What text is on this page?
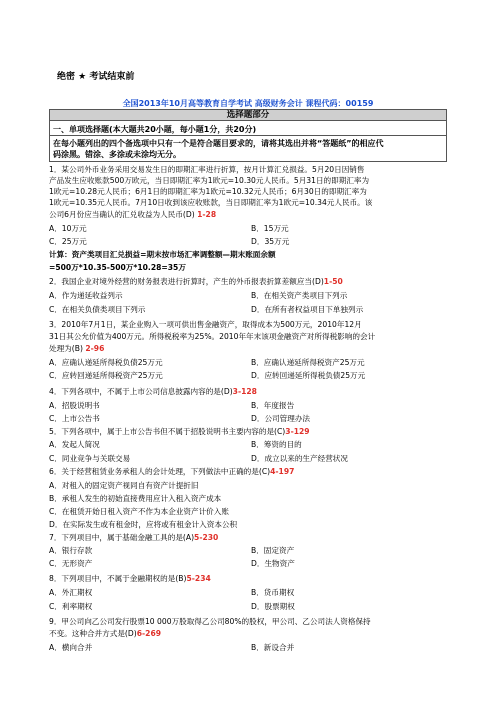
绝密 ★ 考试结束前
全国2013年10月高等教育自学考试 高级财务会计 课程代码：00159
选择题部分
一、单项选择题(本大题共20小题，每小题1分，共20分)
在每小题列出的四个备选项中只有一个是符合题目要求的，请将其选出并将“答题纸”的相应代
码涂黑。错涂、多涂或未涂均无分。
1．某公司外币业务采用交易发生日的即期汇率进行折算，按月计算汇兑损益。5月20日因销售
产品发生应收账款500万欧元，当日即期汇率为1欧元=10.30元人民币。5月31日的即期汇率为
1欧元=10.28元人民币；6月1日的即期汇率为1欧元=10.32元人民币；6月30日的即期汇率为
1欧元=10.35元人民币。7月10日收到该应收账款，当日即期汇率为1欧元=10.34元人民币。该
公司6月份应当确认的汇兑收益为人民币(D) 1-28
A．10万元	B．15万元
C．25万元	D．35万元
计算：资产类项目汇兑损益=期末按市场汇率调整额—期末账面余额
=500万*10.35-500万*10.28=35万
2．我国企业对境外经营的财务报表进行折算时，产生的外币报表折算差额应当(D)1-50
A．作为递延收益列示	B．在相关资产类项目下列示
C．在相关负债类项目下列示	D．在所有者权益项目下单独列示
3．2010年7月1日，某企业购入一项可供出售金融资产，取得成本为500万元，2010年12月
31日其公允价值为400万元。所得税税率为25%。2010年年末该项金融资产对所得税影响的会计
处理为(B) 2-96
A．应确认递延所得税负债25万元	B．应确认递延所得税资产25万元
C．应转回递延所得税资产25万元	D．应转回递延所得税负债25万元
4．下列各项中，不属于上市公司信息披露内容的是(D)3-128
A．招股说明书	B．年度报告
C．上市公告书	D．公司管理办法
5．下列各项中，属于上市公告书但不属于招股说明书主要内容的是(C)3-129
A．发起人简况	B．筹资的目的
C．同业竞争与关联交易	D．成立以来的生产经营状况
6．关于经营租赁业务承租人的会计处理，下列做法中正确的是(C)4-197
A．对租入的固定资产视同自有资产计提折旧
B．承租人发生的初始直接费用应计入租入资产成本
C．在租赁开始日租入资产不作为本企业资产计价入账
D．在实际发生或有租金时，应将或有租金计入资本公积
7．下列项目中，属于基础金融工具的是(A)5-230
A．银行存款	B．固定资产
C．无形资产	D．生物资产
8．下列项目中，不属于金融期权的是(B)5-234
A．外汇期权	B．货币期权
C．利率期权	D．股票期权
9．甲公司向乙公司发行股票10 000万股取得乙公司80%的股权，甲公司、乙公司法人资格保持
不变。这种合并方式是(D)6-269
A．横向合并	B．新设合并
